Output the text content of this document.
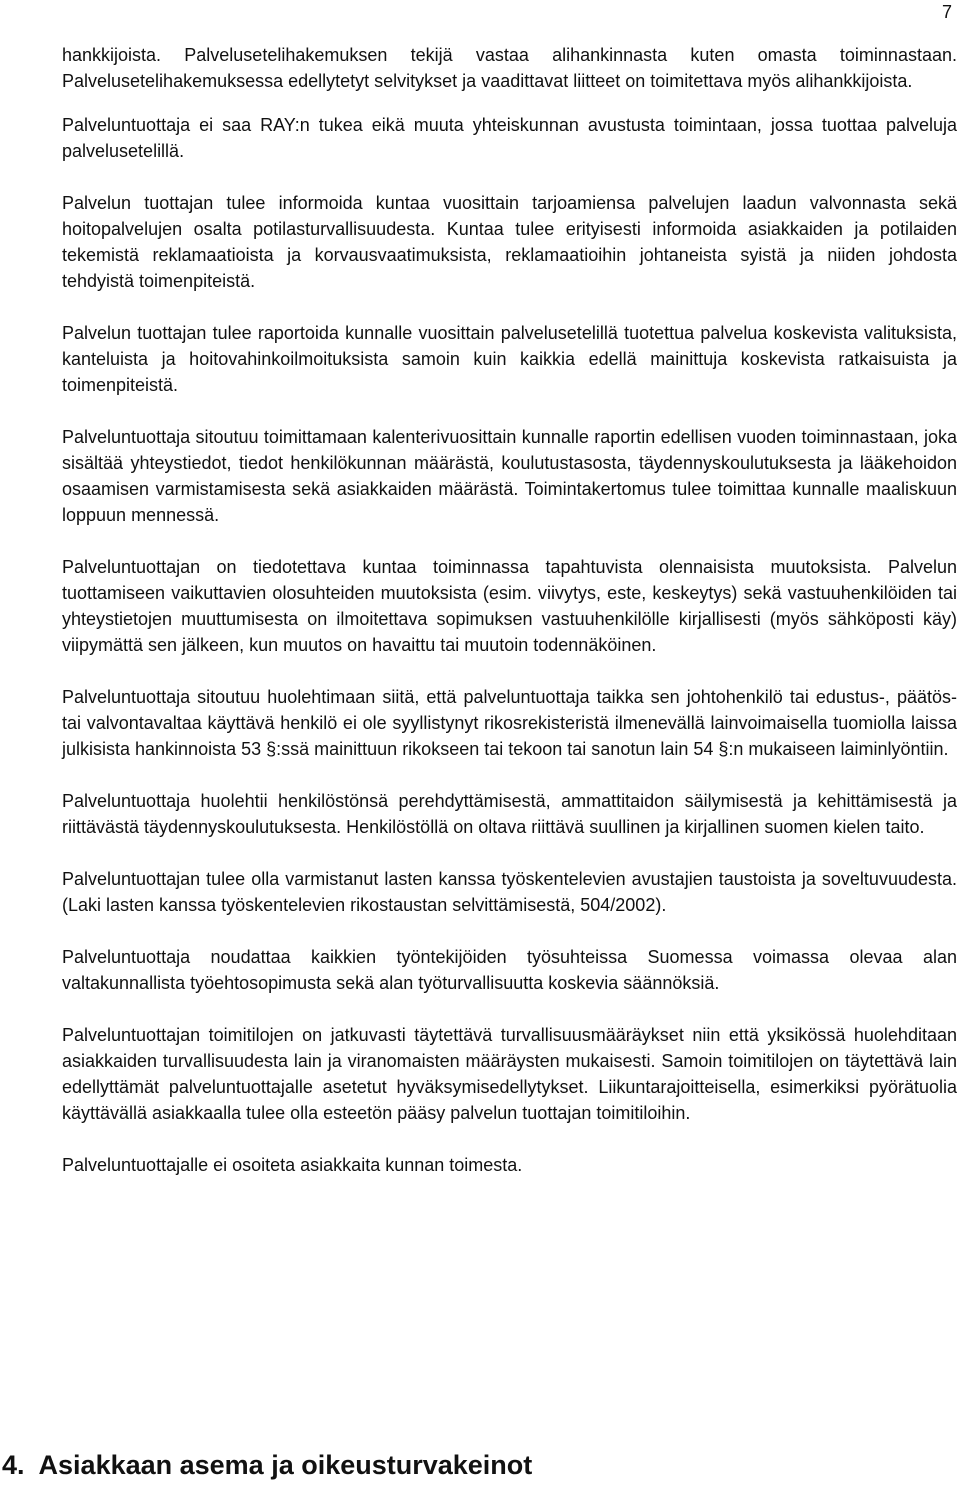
7

hankkijoista. Palvelusetelihakemuksen tekijä vastaa alihankinnasta kuten omasta toiminnastaan. Palvelusetelihakemuksessa edellytetyt selvitykset ja vaadittavat liitteet on toimitettava myös alihankkijoista.

Palveluntuottaja ei saa RAY:n tukea eikä muuta yhteiskunnan avustusta toimintaan, jossa tuottaa palveluja palvelusetelillä.

Palvelun tuottajan tulee informoida kuntaa vuosittain tarjoamiensa palvelujen laadun valvonnasta sekä hoitopalvelujen osalta potilasturvallisuudesta. Kuntaa tulee erityisesti informoida asiakkaiden ja potilaiden tekemistä reklamaatioista ja korvausvaatimuksista, reklamaatioihin johtaneista syistä ja niiden johdosta tehdyistä toimenpiteistä.

Palvelun tuottajan tulee raportoida kunnalle vuosittain palvelusetelillä tuotettua palvelua koskevista valituksista, kanteluista ja hoitovahinkoilmoituksista samoin kuin kaikkia edellä mainittuja koskevista ratkaisuista ja toimenpiteistä.

Palveluntuottaja sitoutuu toimittamaan kalenterivuosittain kunnalle raportin edellisen vuoden toiminnastaan, joka sisältää yhteystiedot, tiedot henkilökunnan määrästä, koulutustasosta, täydennyskoulutuksesta ja lääkehoidon osaamisen varmistamisesta sekä asiakkaiden määrästä. Toimintakertomus tulee toimittaa kunnalle maaliskuun loppuun mennessä.

Palveluntuottajan on tiedotettava kuntaa toiminnassa tapahtuvista olennaisista muutoksista. Palvelun tuottamiseen vaikuttavien olosuhteiden muutoksista (esim. viivytys, este, keskeytys) sekä vastuuhenkilöiden tai yhteystietojen muuttumisesta on ilmoitettava sopimuksen vastuuhenkilölle kirjallisesti (myös sähköposti käy) viipymättä sen jälkeen, kun muutos on havaittu tai muutoin todennäköinen.

Palveluntuottaja sitoutuu huolehtimaan siitä, että palveluntuottaja taikka sen johtohenkilö tai edustus-, päätös- tai valvontavaltaa käyttävä henkilö ei ole syyllistynyt rikosrekisteristä ilmenevällä lainvoimaisella tuomiolla laissa julkisista hankinnoista 53 §:ssä mainittuun rikokseen tai tekoon tai sanotun lain 54 §:n mukaiseen laiminlyöntiin.

Palveluntuottaja huolehtii henkilöstönsä perehdyttämisestä, ammattitaidon säilymisestä ja kehittämisestä ja riittävästä täydennyskoulutuksesta. Henkilöstöllä on oltava riittävä suullinen ja kirjallinen suomen kielen taito.

Palveluntuottajan tulee olla varmistanut lasten kanssa työskentelevien avustajien taustoista ja soveltuvuudesta. (Laki lasten kanssa työskentelevien rikostaustan selvittämisestä, 504/2002).

Palveluntuottaja noudattaa kaikkien työntekijöiden työsuhteissa Suomessa voimassa olevaa alan valtakunnallista työehtosopimusta sekä alan työturvallisuutta koskevia säännöksiä.

Palveluntuottajan toimitilojen on jatkuvasti täytettävä turvallisuusmääräykset niin että yksikössä huolehditaan asiakkaiden turvallisuudesta lain ja viranomaisten määräysten mukaisesti. Samoin toimitilojen on täytettävä lain edellyttämät palveluntuottajalle asetetut hyväksymisedellytykset. Liikuntarajoitteisella, esimerkiksi pyörätuolia käyttävällä asiakkaalla tulee olla esteetön pääsy palvelun tuottajan toimitiloihin.

Palveluntuottajalle ei osoiteta asiakkaita kunnan toimesta.

4. Asiakkaan asema ja oikeusturvakeinot
